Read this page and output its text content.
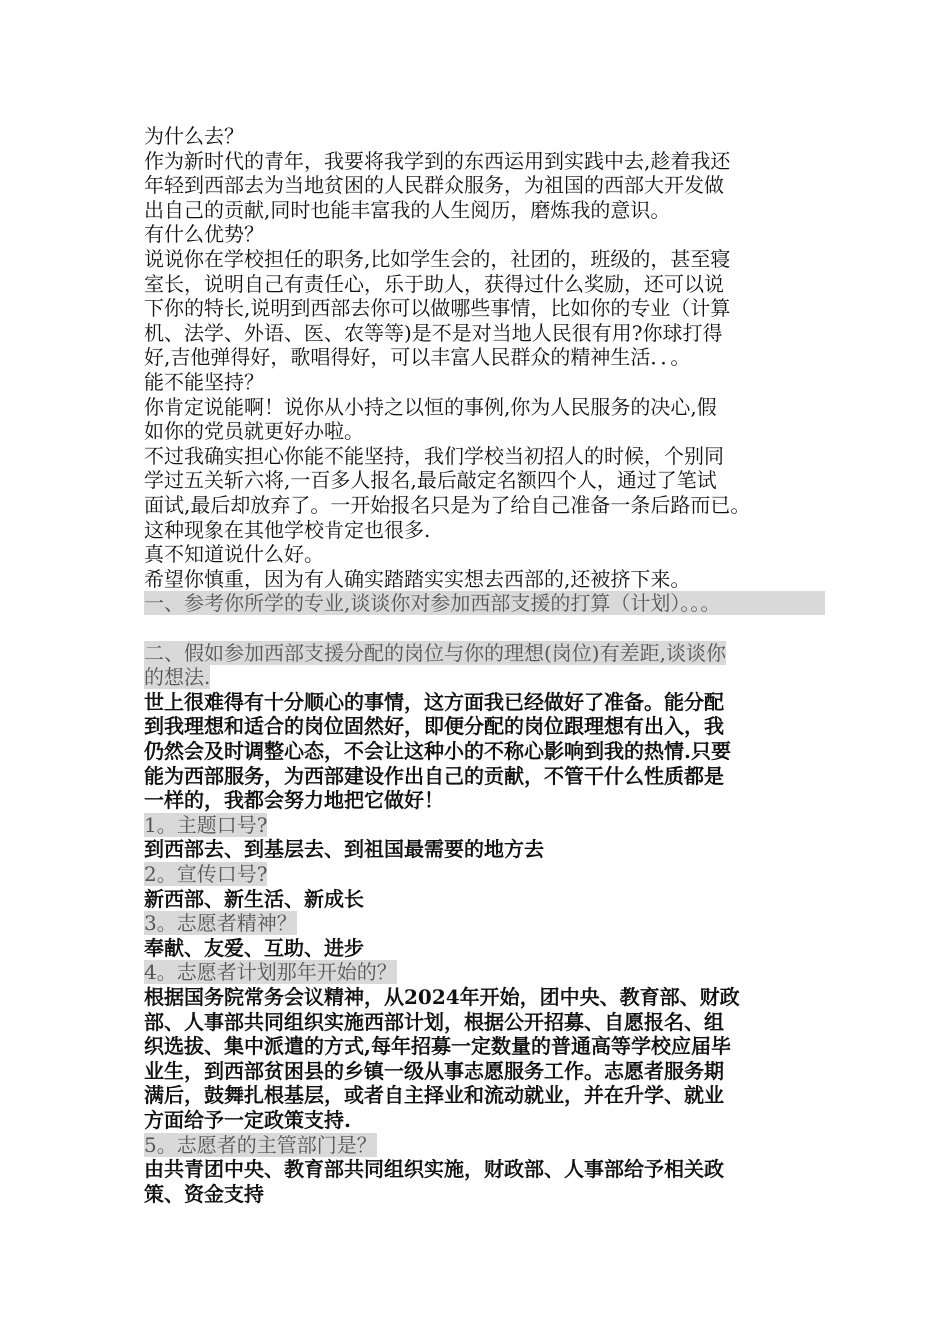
为什么去？
作为新时代的青年，我要将我学到的东西运用到实践中去,趁着我还
年轻到西部去为当地贫困的人民群众服务，为祖国的西部大开发做
出自己的贡献,同时也能丰富我的人生阅历，磨炼我的意识。
有什么优势？
说说你在学校担任的职务,比如学生会的，社团的，班级的，甚至寝
室长，说明自己有责任心，乐于助人，获得过什么奖励，还可以说
下你的特长,说明到西部去你可以做哪些事情，比如你的专业（计算
机、法学、外语、医、农等等)是不是对当地人民很有用?你球打得
好,吉他弹得好，歌唱得好，可以丰富人民群众的精神生活．．。
能不能坚持？
你肯定说能啊！说你从小持之以恒的事例,你为人民服务的决心,假
如你的党员就更好办啦。
不过我确实担心你能不能坚持，我们学校当初招人的时候，个别同
学过五关斩六将,一百多人报名,最后敲定名额四个人，通过了笔试
面试,最后却放弃了。一开始报名只是为了给自己准备一条后路而已。
这种现象在其他学校肯定也很多.
真不知道说什么好。
希望你慎重，因为有人确实踏踏实实想去西部的,还被挤下来。
一、参考你所学的专业,谈谈你对参加西部支援的打算（计划）。。。
二、假如参加西部支援分配的岗位与你的理想(岗位)有差距,谈谈你
的想法.
世上很难得有十分顺心的事情，这方面我已经做好了准备。能分配
到我理想和适合的岗位固然好，即便分配的岗位跟理想有出入，我
仍然会及时调整心态，不会让这种小的不称心影响到我的热情.只要
能为西部服务，为西部建设作出自己的贡献，不管干什么性质都是
一样的，我都会努力地把它做好！
1。主题口号?
到西部去、到基层去、到祖国最需要的地方去
2。宣传口号?
新西部、新生活、新成长
3。志愿者精神？
奉献、友爱、互助、进步
4。志愿者计划那年开始的？
根据国务院常务会议精神，从2024年开始，团中央、教育部、财政
部、人事部共同组织实施西部计划，根据公开招募、自愿报名、组
织选拔、集中派遣的方式,每年招募一定数量的普通高等学校应届毕
业生，到西部贫困县的乡镇一级从事志愿服务工作。志愿者服务期
满后，鼓舞扎根基层，或者自主择业和流动就业，并在升学、就业
方面给予一定政策支持.
5。志愿者的主管部门是？
由共青团中央、教育部共同组织实施，财政部、人事部给予相关政
策、资金支持
